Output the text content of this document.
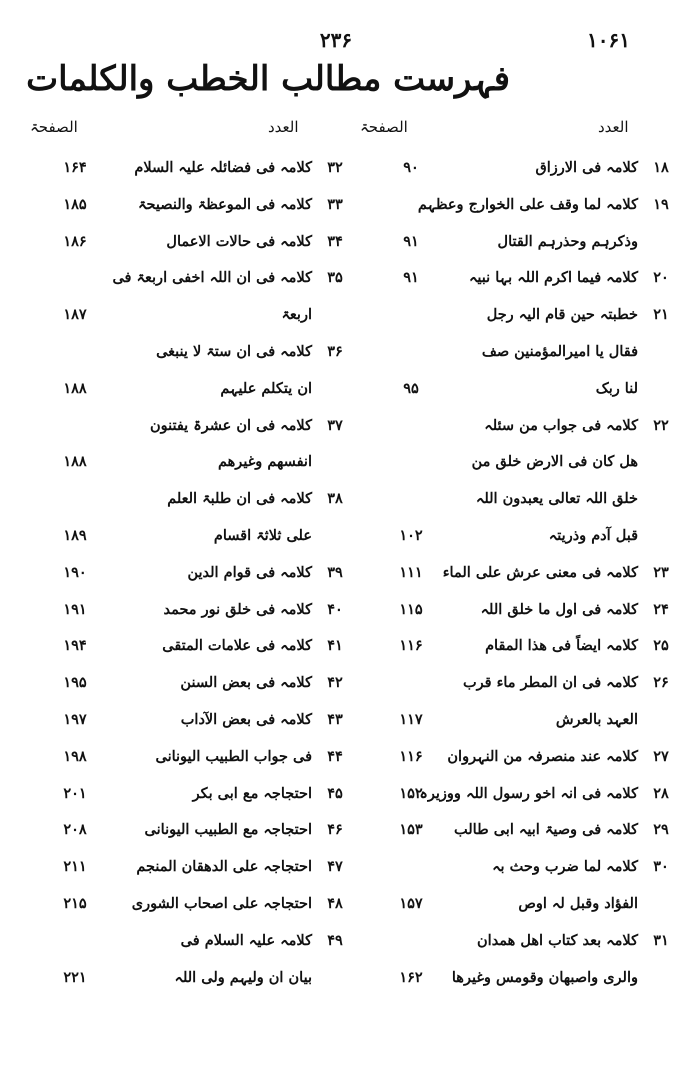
۲۳۶	۱۰۶۱
فہرست مطالب الخطب والکلمات
العدد
الصفحۃ
العدد
الصفحۃ
۱۸
کلامہ فی الارزاق
۹۰
۱۹
کلامہ لما وقف علی الخوارج وعظہم
وذکرہم وحذرہم القتال
۹۱
۲۰
کلامہ فیما اکرم اللہ بہا نبیہ
۹۱
۲۱
خطبتہ حین قام الیہ رجل
فقال یا امیرالمؤمنین صف
لنا ربک
۹۵
۲۲
کلامہ فی جواب من سئلہ
ھل کان فی الارض خلق من
خلق اللہ تعالی یعبدون اللہ
قبل آدم وذریتہ
۱۰۲
۲۳
کلامہ فی معنی عرش علی الماء
۱۱۱
۲۴
کلامہ فی اول ما خلق اللہ
۱۱۵
۲۵
کلامہ ایضاً فی ھذا المقام
۱۱۶
۲۶
کلامہ فی ان المطر ماء قرب
العہد بالعرش
۱۱۷
۲۷
کلامہ عند منصرفہ من النہروان
۱۱۶
۲۸
کلامہ فی انہ اخو رسول اللہ ووزیرہ
۱۵۲
۲۹
کلامہ فی وصیۃ ابیہ ابی طالب
۱۵۳
۳۰
کلامہ لما ضرب وحث بہ
الفؤاد وقبل لہ اوص
۱۵۷
۳۱
کلامہ بعد کتاب اھل ھمدان
والری واصبھان وقومس وغیرھا
۱۶۲
۳۲
کلامہ فی فضائلہ علیہ السلام
۱۶۴
۳۳
کلامہ فی الموعظۃ والنصیحۃ
۱۸۵
۳۴
کلامہ فی حالات الاعمال
۱۸۶
۳۵
کلامہ فی ان اللہ اخفی اربعۃ فی
اربعۃ
۱۸۷
۳۶
کلامہ فی ان ستۃ لا ینبغی
ان یتکلم علیہم
۱۸۸
۳۷
کلامہ فی ان عشرۃ یفتنون
انفسھم وغیرھم
۱۸۸
۳۸
کلامہ فی ان طلبۃ العلم
علی ثلاثۃ اقسام
۱۸۹
۳۹
کلامہ فی قوام الدین
۱۹۰
۴۰
کلامہ فی خلق نور محمد
۱۹۱
۴۱
کلامہ فی علامات المتقی
۱۹۴
۴۲
کلامہ فی بعض السنن
۱۹۵
۴۳
کلامہ فی بعض الآداب
۱۹۷
۴۴
فی جواب الطبیب الیونانی
۱۹۸
۴۵
احتجاجہ مع ابی بکر
۲۰۱
۴۶
احتجاجہ مع الطبیب الیونانی
۲۰۸
۴۷
احتجاجہ علی الدھقان المنجم
۲۱۱
۴۸
احتجاجہ علی اصحاب الشوری
۲۱۵
۴۹
کلامہ علیہ السلام فی
بیان ان ولیہم ولی اللہ
۲۲۱
